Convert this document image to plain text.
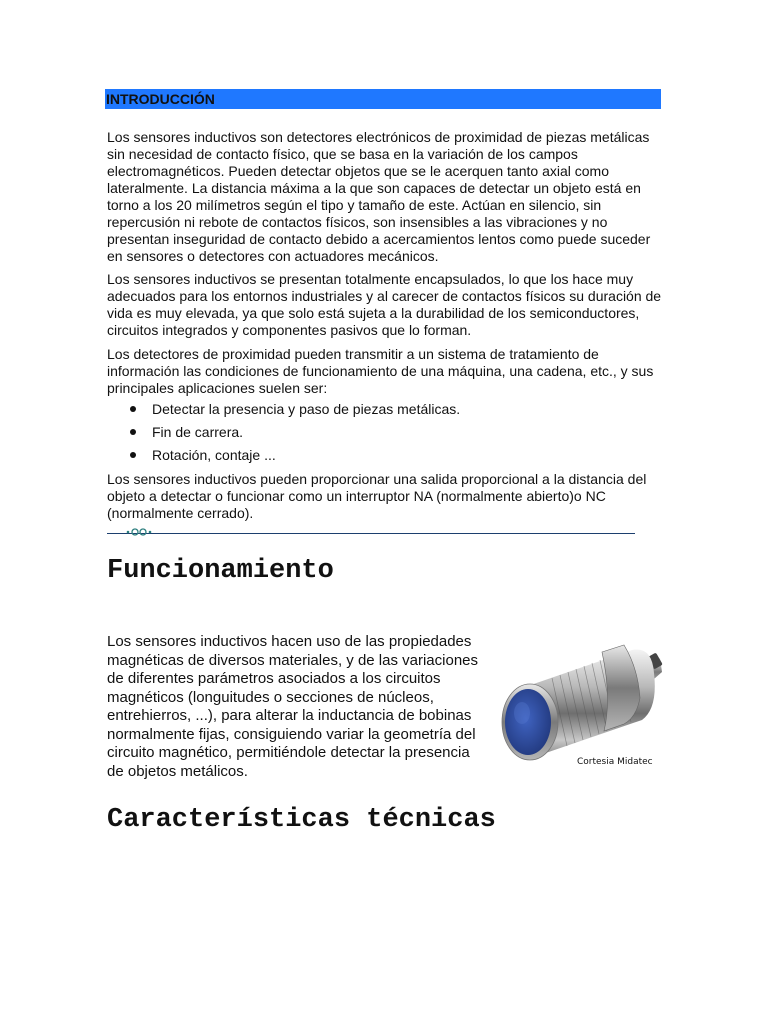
INTRODUCCIÓN

Los sensores inductivos son detectores electrónicos de proximidad de piezas metálicas sin necesidad de contacto físico, que se basa en la variación de los campos electromagnéticos. Pueden detectar objetos que se le acerquen tanto axial como lateralmente. La distancia máxima a la que son capaces de detectar un objeto está en torno a los 20 milímetros según el tipo y tamaño de este. Actúan en silencio, sin repercusión ni rebote de contactos físicos, son insensibles a las vibraciones y no presentan inseguridad de contacto debido a acercamientos lentos como puede suceder en sensores o detectores con actuadores mecánicos.

Los sensores inductivos se presentan totalmente encapsulados, lo que los hace muy adecuados para los entornos industriales y al carecer de contactos físicos su duración de vida es muy elevada, ya que solo está sujeta a la durabilidad de los semiconductores, circuitos integrados y componentes pasivos que lo forman.

Los detectores de proximidad pueden transmitir a un sistema de tratamiento de información las condiciones de funcionamiento de una máquina, una cadena, etc., y sus principales aplicaciones suelen ser:

Detectar la presencia y paso de piezas metálicas.
Fin de carrera.
Rotación, contaje ...

Los sensores inductivos pueden proporcionar una salida proporcional a la distancia del objeto a detectar o funcionar como un interruptor NA (normalmente abierto)o NC (normalmente cerrado).

Funcionamiento

Los sensores inductivos hacen uso de las propiedades magnéticas de diversos materiales, y de las variaciones de diferentes parámetros asociados a los circuitos magnéticos (longuitudes o secciones de núcleos, entrehierros, ...), para alterar la inductancia de bobinas normalmente fijas, consiguiendo variar la geometría del circuito magnético, permitiéndole detectar la presencia de objetos metálicos.

Cortesia Midatec
Características técnicas
